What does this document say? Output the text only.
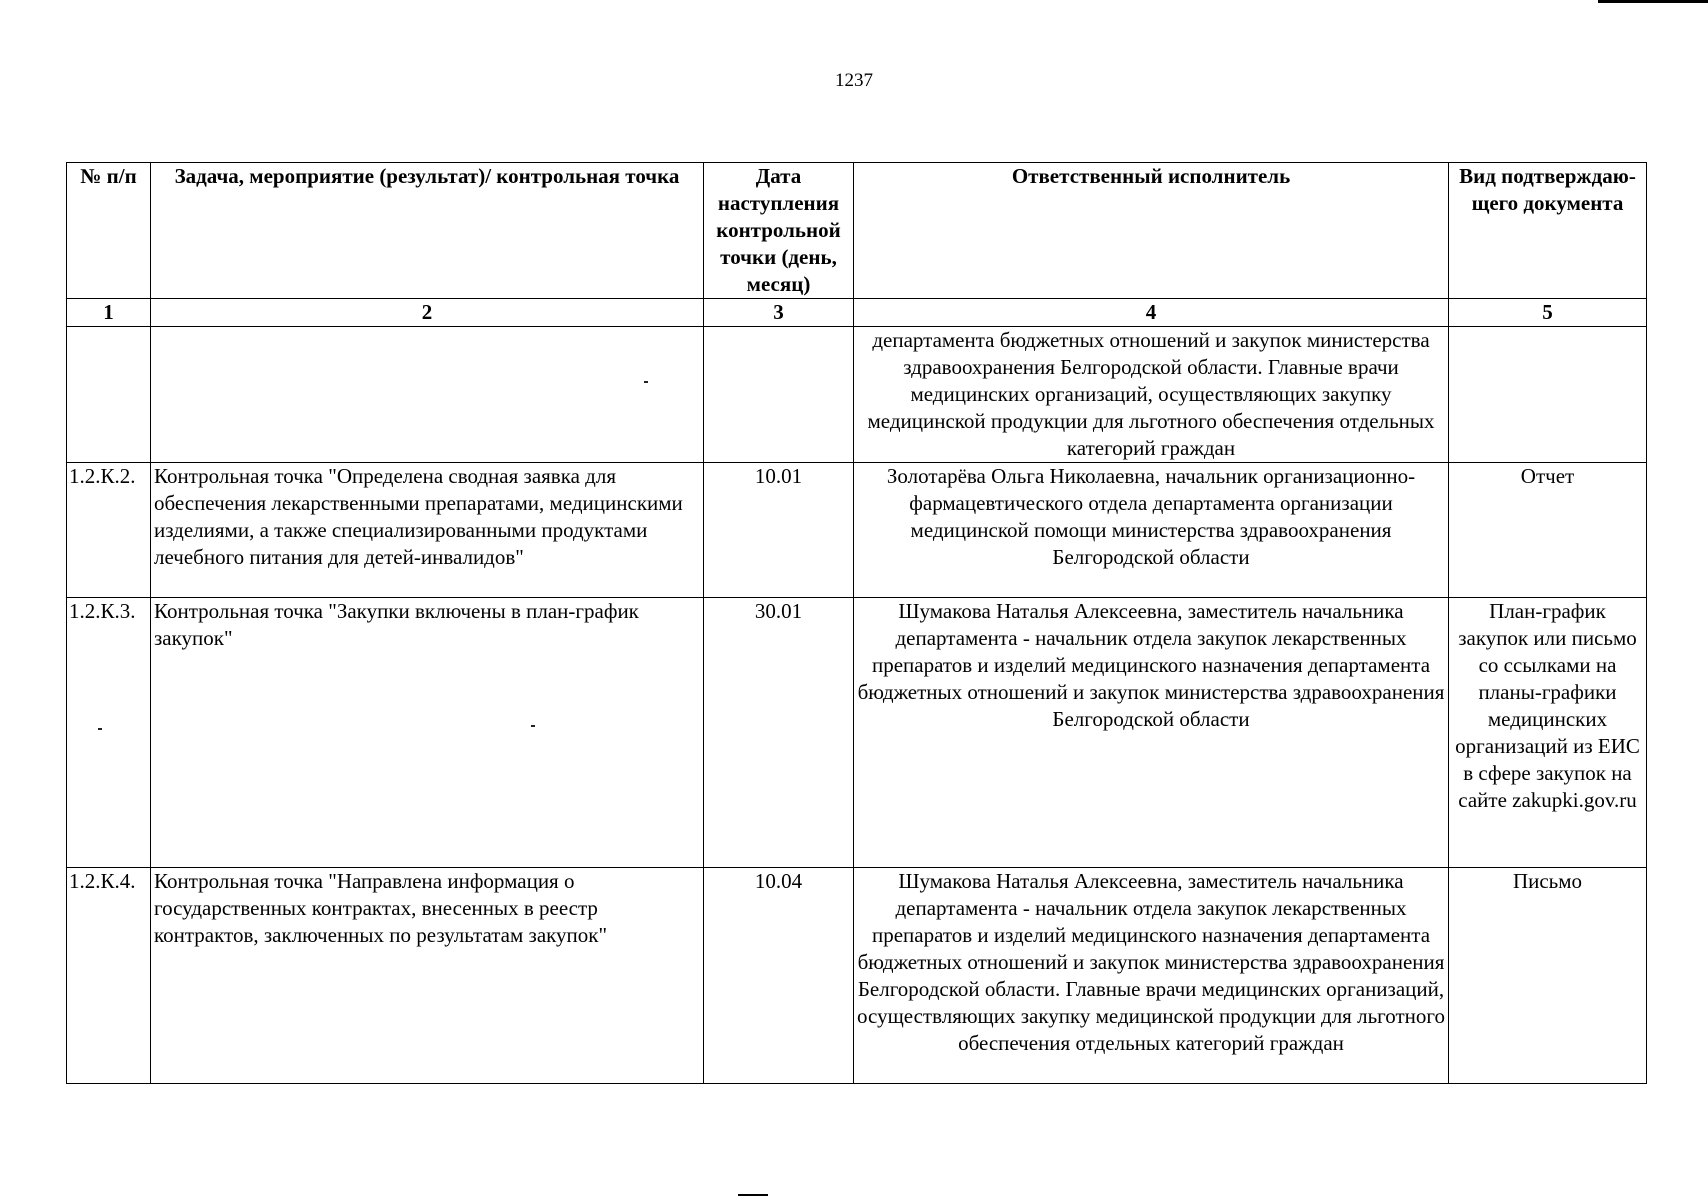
1237
№ п/п	Задача, мероприятие (результат)/ контрольная точка	Дата наступления контрольной точки (день, месяц)	Ответственный исполнитель	Вид подтверждаю-щего документа
1	2	3	4	5
			департамента бюджетных отношений и закупок министерства здравоохранения Белгородской области. Главные врачи медицинских организаций, осуществляющих закупку медицинской продукции для льготного обеспечения отдельных категорий граждан	
1.2.К.2.	Контрольная точка "Определена сводная заявка для обеспечения лекарственными препаратами, медицинскими изделиями, а также специализированными продуктами лечебного питания для детей-инвалидов"	10.01	Золотарёва Ольга Николаевна, начальник организационно-фармацевтического отдела департамента организации медицинской помощи министерства здравоохранения Белгородской области	Отчет
1.2.К.3.	Контрольная точка "Закупки включены в план-график закупок"	30.01	Шумакова Наталья Алексеевна, заместитель начальника департамента - начальник отдела закупок лекарственных препаратов и изделий медицинского назначения департамента бюджетных отношений и закупок министерства здравоохранения Белгородской области	План-график закупок или письмо со ссылками на планы-графики медицинских организаций из ЕИС в сфере закупок на сайте zakupki.gov.ru
1.2.К.4.	Контрольная точка "Направлена информация о государственных контрактах, внесенных в реестр контрактов, заключенных по результатам закупок"	10.04	Шумакова Наталья Алексеевна, заместитель начальника департамента - начальник отдела закупок лекарственных препаратов и изделий медицинского назначения департамента бюджетных отношений и закупок министерства здравоохранения Белгородской области. Главные врачи медицинских организаций, осуществляющих закупку медицинской продукции для льготного обеспечения отдельных категорий граждан	Письмо
